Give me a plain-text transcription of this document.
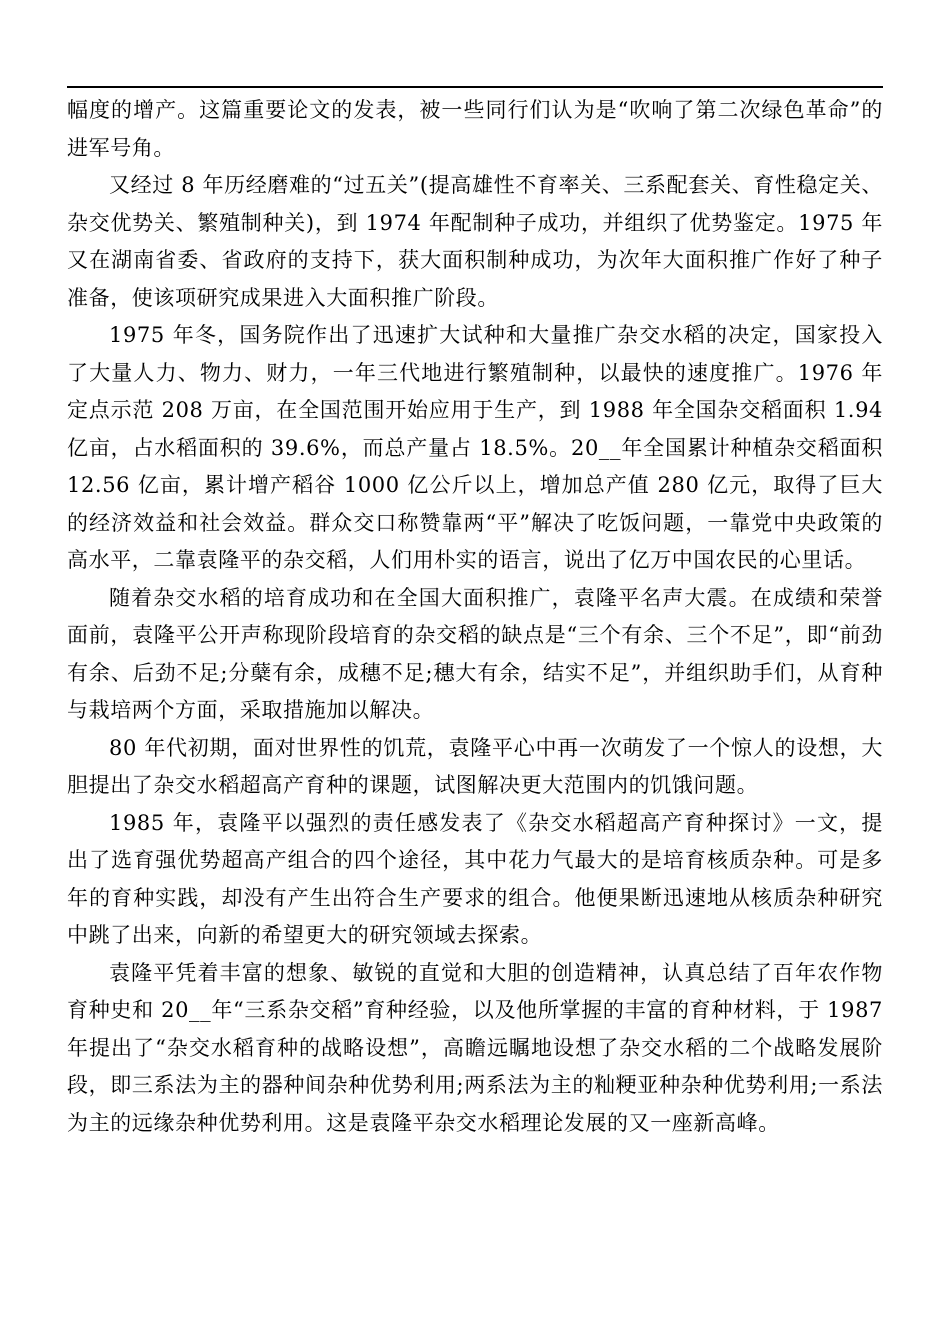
幅度的增产。这篇重要论文的发表，被一些同行们认为是“吹响了第二次绿色革命”的进军号角。

又经过 8 年历经磨难的“过五关”(提高雄性不育率关、三系配套关、育性稳定关、杂交优势关、繁殖制种关)，到 1974 年配制种子成功，并组织了优势鉴定。1975 年又在湖南省委、省政府的支持下，获大面积制种成功，为次年大面积推广作好了种子准备，使该项研究成果进入大面积推广阶段。

1975 年冬，国务院作出了迅速扩大试种和大量推广杂交水稻的决定，国家投入了大量人力、物力、财力，一年三代地进行繁殖制种，以最快的速度推广。1976 年定点示范 208 万亩，在全国范围开始应用于生产，到 1988 年全国杂交稻面积 1.94 亿亩，占水稻面积的 39.6%，而总产量占 18.5%。20__年全国累计种植杂交稻面积 12.56 亿亩，累计增产稻谷 1000 亿公斤以上，增加总产值 280 亿元，取得了巨大的经济效益和社会效益。群众交口称赞靠两“平”解决了吃饭问题，一靠党中央政策的高水平，二靠袁隆平的杂交稻，人们用朴实的语言，说出了亿万中国农民的心里话。

随着杂交水稻的培育成功和在全国大面积推广，袁隆平名声大震。在成绩和荣誉面前，袁隆平公开声称现阶段培育的杂交稻的缺点是“三个有余、三个不足”，即“前劲有余、后劲不足;分蘖有余，成穗不足;穗大有余，结实不足”，并组织助手们，从育种与栽培两个方面，采取措施加以解决。

80 年代初期，面对世界性的饥荒，袁隆平心中再一次萌发了一个惊人的设想，大胆提出了杂交水稻超高产育种的课题，试图解决更大范围内的饥饿问题。

1985 年，袁隆平以强烈的责任感发表了《杂交水稻超高产育种探讨》一文，提出了选育强优势超高产组合的四个途径，其中花力气最大的是培育核质杂种。可是多年的育种实践，却没有产生出符合生产要求的组合。他便果断迅速地从核质杂种研究中跳了出来，向新的希望更大的研究领域去探索。

袁隆平凭着丰富的想象、敏锐的直觉和大胆的创造精神，认真总结了百年农作物育种史和 20__年“三系杂交稻”育种经验，以及他所掌握的丰富的育种材料，于 1987 年提出了“杂交水稻育种的战略设想”，高瞻远瞩地设想了杂交水稻的二个战略发展阶段，即三系法为主的器种间杂种优势利用;两系法为主的籼粳亚种杂种优势利用;一系法为主的远缘杂种优势利用。这是袁隆平杂交水稻理论发展的又一座新高峰。
